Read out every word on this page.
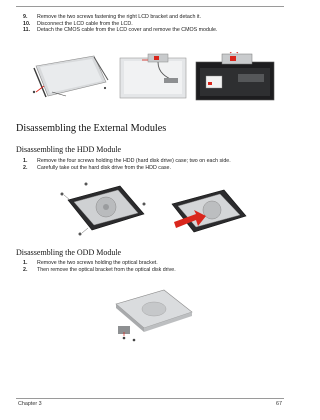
9. Remove the two screws fastening the right LCD bracket and detach it.
10. Disconnect the LCD cable from the LCD.
11. Detach the CMOS cable from the LCD cover and remove the CMOS module.
Disassembling the External Modules
Disassembling the HDD Module
1. Remove the four screws holding the HDD (hard disk drive) case; two on each side.
2. Carefully take out the hard disk drive from the HDD case.
Disassembling the ODD Module
1. Remove the two screws holding the optical bracket.
2. Then remove the optical bracket from the optical disk drive.
Chapter 3	67
